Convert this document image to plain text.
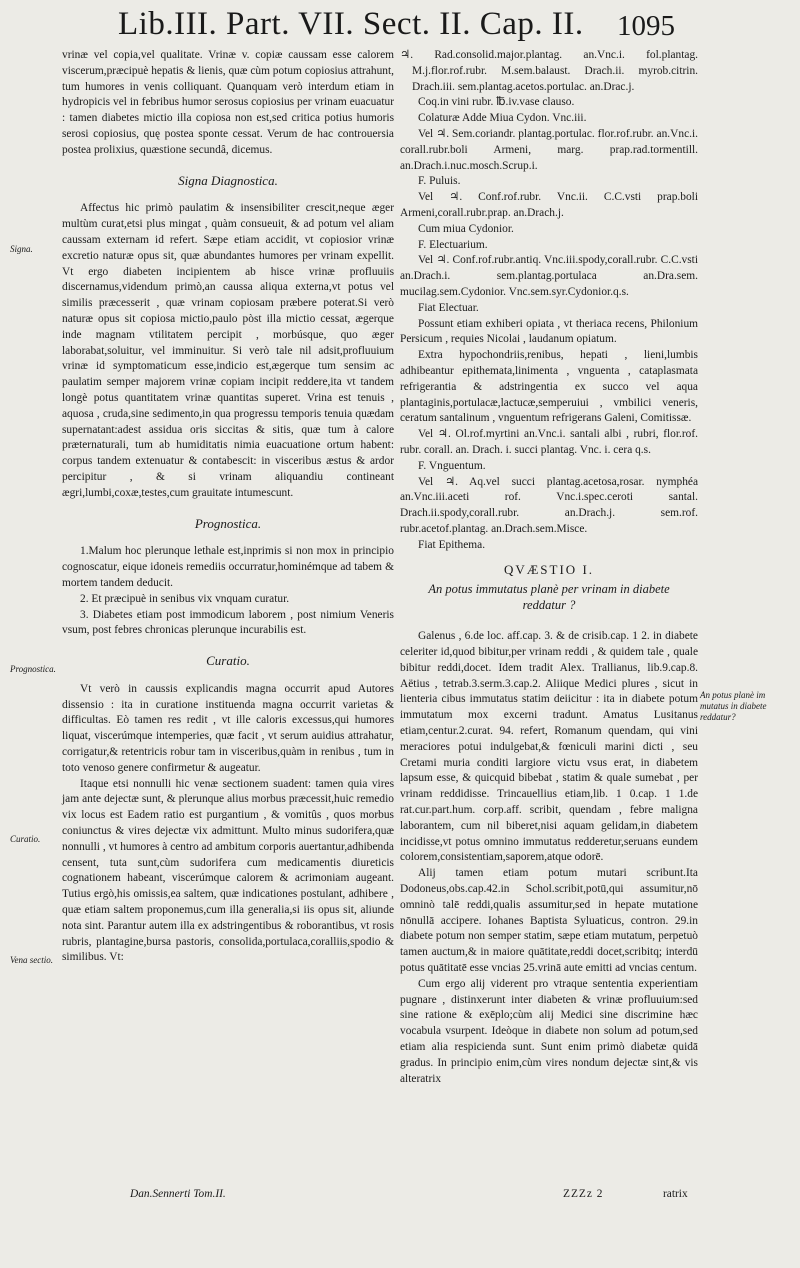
Lib.III. Part. VII. Sect. II. Cap. II. 1095
Signa.
Prognostica.
Curatio.
Vena sectio.
An potus planè im mutatus in diabete reddatur?

vrinæ vel copia,vel qualitate. Vrinæ v. copiæ caussam esse calorem viscerum,præcipuè hepatis & lienis, quæ cùm potum copiosius attrahunt, tum humores in venis colliquant. Quanquam verò interdum etiam in hydropicis vel in febribus humor serosus copiosius per vrinam euacuatur : tamen diabetes mictio illa copiosa non est,sed critica potius humoris serosi copiosius, quę postea sponte cessat. Verum de hac controuersia postea prolixius, quæstione secundâ, dicemus.

Signa Diagnostica.

Affectus hic primò paulatim & insensibiliter crescit,neque æger multùm curat,etsi plus mingat , quàm consueuit, & ad potum vel aliam caussam externam id refert. Sæpe etiam accidit, vt copiosior vrinæ excretio naturæ opus sit, quæ abundantes humores per vrinam expellit. Vt ergo diabeten incipientem ab hisce vrinæ profluuiis discernamus,videndum primò,an caussa aliqua externa,vt potus vel similis præcesserit , quæ vrinam copiosam præbere poterat.Si verò naturæ opus sit copiosa mictio,paulo pòst illa mictio cessat, ægerque inde magnam vtilitatem percipit , morbúsque, quo æger laborabat,soluitur, vel imminuitur. Si verò tale nil adsit,profluuium vrinæ id symptomaticum esse,indicio est,ægerque tum sensim ac paulatim semper majorem vrinæ copiam incipit reddere,ita vt tandem longè potus quantitatem vrinæ quantitas superet. Vrina est tenuis , aquosa , cruda,sine sedimento,in qua progressu temporis tenuia quædam supernatant:adest assidua oris siccitas & sitis, quæ tum à calore præternaturali, tum ab humiditatis nimia euacuatione ortum habent: corpus tandem extenuatur & contabescit: in visceribus æstus & ardor percipitur , & si vrinam aliquandiu contineant ægri,lumbi,coxæ,testes,cum grauitate intumescunt.

Prognostica.

1.Malum hoc plerunque lethale est,inprimis si non mox in principio cognoscatur, eique idoneis remediis occurratur,hominémque ad tabem & mortem tandem deducit.

2. Et præcipuè in senibus vix vnquam curatur.

3. Diabetes etiam post immodicum laborem , post nimium Veneris vsum, post febres chronicas plerunque incurabilis est.

Curatio.

Vt verò in caussis explicandis magna occurrit apud Autores dissensio : ita in curatione instituenda magna occurrit varietas & difficultas. Eò tamen res redit , vt ille caloris excessus,qui humores liquat, viscerúmque intemperies, quæ facit , vt serum auidius attrahatur, corrigatur,& retentricis robur tam in visceribus,quàm in renibus , tum in toto venoso genere confirmetur & augeatur.

Itaque etsi nonnulli hic venæ sectionem suadent: tamen quia vires jam ante dejectæ sunt, & plerunque alius morbus præcessit,huic remedio vix locus est Eadem ratio est purgantium , & vomitûs , quos morbus coniunctus & vires dejectæ vix admittunt. Multo minus sudorifera,quæ nonnulli , vt humores à centro ad ambitum corporis auertantur,adhibenda censent, tuta sunt,cùm sudorifera cum medicamentis diureticis cognationem habeant, viscerúmque calorem & acrimoniam augeant. Tutius ergò,his omissis,ea saltem, quæ indicationes postulant, adhibere , quæ etiam saltem proponemus,cum illa generalia,si iis opus sit, aliunde nota sint. Parantur autem illa ex adstringentibus & roborantibus, vt rosis rubris, plantagine,bursa pastoris, consolida,portulaca,coralliis,spodio & similibus. Vt:

♃. Rad.consolid.major.plantag. an.Vnc.i. fol.plantag. M.j.flor.rof.rubr. M.sem.balaust. Drach.ii. myrob.citrin. Drach.iii. sem.plantag.acetos.portulac. an.Drac.j.

Coq.in vini rubr. ℔.iv.vase clauso.

Colaturæ Adde Miua Cydon. Vnc.iii.

Vel ♃. Sem.coriandr. plantag.portulac. flor.rof.rubr. an.Vnc.i. corall.rubr.boli Armeni, marg. prap.rad.tormentill. an.Drach.i.nuc.mosch.Scrup.i.

F. Puluis.

Vel ♃. Conf.rof.rubr. Vnc.ii. C.C.vsti prap.boli Armeni,corall.rubr.prap. an.Drach.j.

Cum miua Cydonior.

F. Electuarium.

Vel ♃. Conf.rof.rubr.antiq. Vnc.iii.spody,corall.rubr. C.C.vsti an.Drach.i. sem.plantag.portulaca an.Dra.sem. mucilag.sem.Cydonior. Vnc.sem.syr.Cydonior.q.s.

Fiat Electuar.

Possunt etiam exhiberi opiata , vt theriaca recens, Philonium Persicum , requies Nicolai , laudanum opiatum.

Extra hypochondriis,renibus, hepati , lieni,lumbis adhibeantur epithemata,linimenta , vnguenta , cataplasmata refrigerantia & adstringentia ex succo vel aqua plantaginis,portulacæ,lactucæ,semperuiui , vmbilici veneris, ceratum santalinum , vnguentum refrigerans Galeni, Comitissæ.

Vel ♃. Ol.rof.myrtini an.Vnc.i. santali albi , rubri, flor.rof. rubr. corall. an. Drach. i. succi plantag. Vnc. i. cera q.s.

F. Vnguentum.

Vel ♃. Aq.vel succi plantag.acetosa,rosar. nymphéa an.Vnc.iii.aceti rof. Vnc.i.spec.ceroti santal. Drach.ii.spody,corall.rubr. an.Drach.j. sem.rof. rubr.acetof.plantag. an.Drach.sem.Misce.

Fiat Epithema.

QVÆSTIO I.

An potus immutatus planè per vrinam in diabete reddatur ?

Galenus , 6.de loc. aff.cap. 3. & de crisib.cap. 1 2. in diabete celeriter id,quod bibitur,per vrinam reddi , & quidem tale , quale bibitur reddi,docet. Idem tradit Alex. Trallianus, lib.9.cap.8. Aëtius , tetrab.3.serm.3.cap.2. Aliique Medici plures , sicut in lienteria cibus immutatus statim deiicitur : ita in diabete potum immutatum mox excerni tradunt. Amatus Lusitanus etiam,centur.2.curat. 94. refert, Romanum quendam, qui vini meraciores potui indulgebat,& fœniculi marini dicti , seu Cretami muria conditi largiore victu vsus erat, in diabetem lapsum esse, & quicquid bibebat , statim & quale sumebat , per vrinam reddidisse. Trincauellius etiam,lib. 1 0.cap. 1 1.de rat.cur.part.hum. corp.aff. scribit, quendam , febre maligna laborantem, cum nil biberet,nisi aquam gelidam,in diabetem incidisse,vt potus omnino immutatus redderetur,seruans eundem colorem,consistentiam,saporem,atque odorē.

Alij tamen etiam potum mutari scribunt.Ita Dodoneus,obs.cap.42.in Schol.scribit,potū,qui assumitur,nō omninò talē reddi,qualis assumitur,sed in hepate mutatione nōnullā accipere. Iohanes Baptista Syluaticus, contron. 29.in diabete potum non semper statim, sæpe etiam mutatum, perpetuò tamen auctum,& in maiore quātitate,reddi docet,scribitq; interdū potus quātitatē esse vncias 25.vrinā aute emitti ad vncias centum.

Cum ergo alij viderent pro vtraque sententia experientiam pugnare , distinxerunt inter diabeten & vrinæ profluuium:sed sine ratione & exēplo;cùm alij Medici sine discrimine hæc vocabula vsurpent. Ideòque in diabete non solum ad potum,sed etiam alia respicienda sunt. Sunt enim primò diabetæ quidā gradus. In principio enim,cùm vires nondum dejectæ sint,& vis alteratrix

Dan.Sennerti Tom.II.	ZZZz 2	ratrix
